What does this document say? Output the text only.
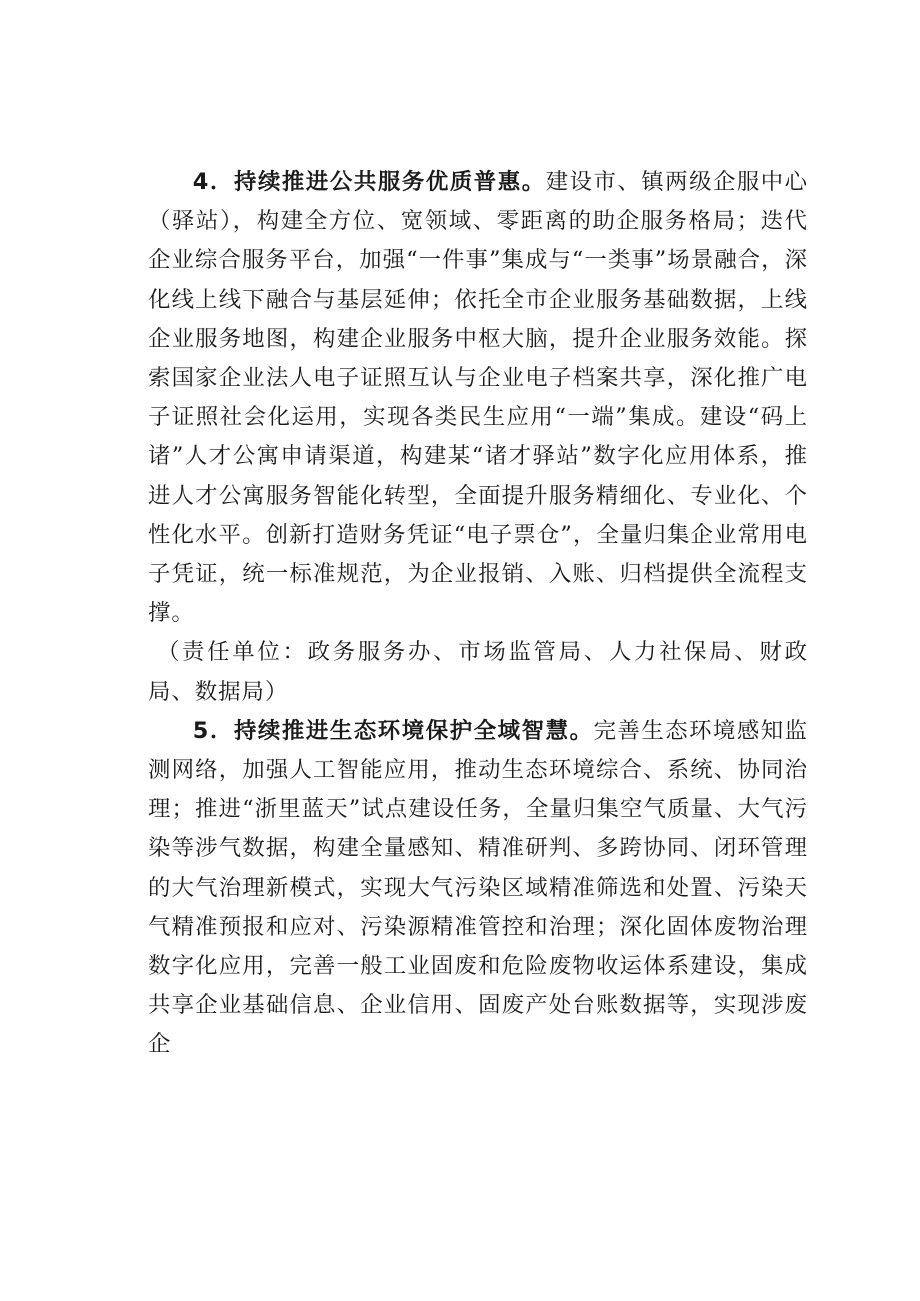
4．持续推进公共服务优质普惠。建设市、镇两级企服中心（驿站），构建全方位、宽领域、零距离的助企服务格局；迭代企业综合服务平台，加强“一件事”集成与“一类事”场景融合，深化线上线下融合与基层延伸；依托全市企业服务基础数据，上线企业服务地图，构建企业服务中枢大脑，提升企业服务效能。探索国家企业法人电子证照互认与企业电子档案共享，深化推广电子证照社会化运用，实现各类民生应用“一端”集成。建设“码上诸”人才公寓申请渠道，构建某“诸才驿站”数字化应用体系，推进人才公寓服务智能化转型，全面提升服务精细化、专业化、个性化水平。创新打造财务凭证“电子票仓”，全量归集企业常用电子凭证，统一标准规范，为企业报销、入账、归档提供全流程支撑。

（责任单位：政务服务办、市场监管局、人力社保局、财政局、数据局）

5．持续推进生态环境保护全域智慧。完善生态环境感知监测网络，加强人工智能应用，推动生态环境综合、系统、协同治理；推进“浙里蓝天”试点建设任务，全量归集空气质量、大气污染等涉气数据，构建全量感知、精准研判、多跨协同、闭环管理的大气治理新模式，实现大气污染区域精准筛选和处置、污染天气精准预报和应对、污染源精准管控和治理；深化固体废物治理数字化应用，完善一般工业固废和危险废物收运体系建设，集成共享企业基础信息、企业信用、固废产处台账数据等，实现涉废企
